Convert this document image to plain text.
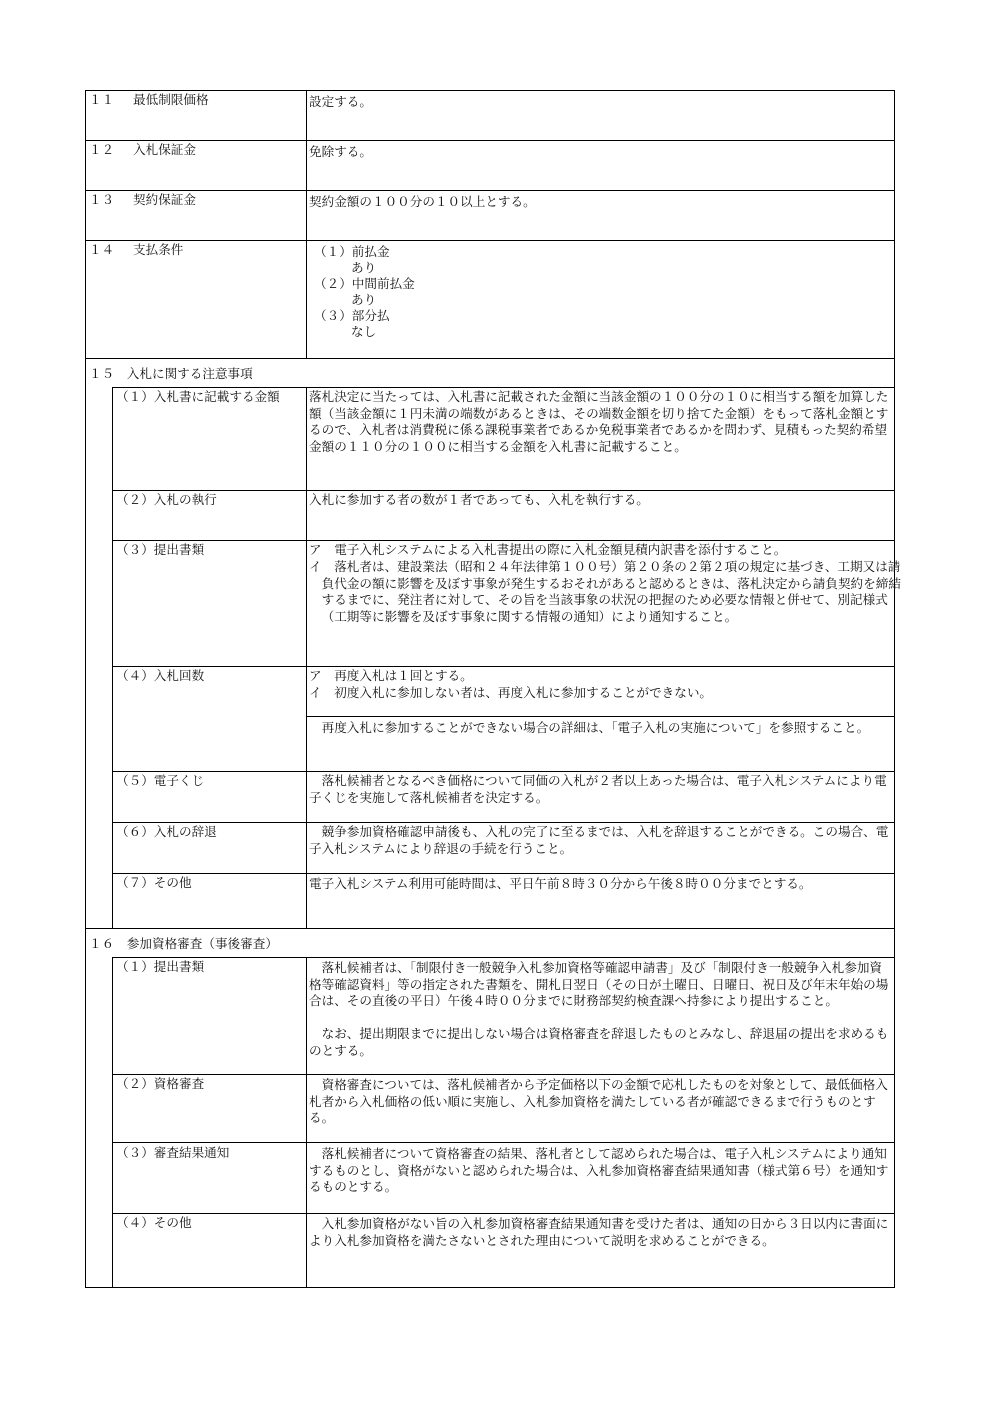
１１ 最低制限価格	設定する。
１２ 入札保証金	免除する。
１３ 契約保証金	契約金額の１００分の１０以上とする。
１４ 支払条件	（１）前払金
あり
（２）中間前払金
あり
（３）部分払
なし
１５　入札に関する注意事項
（１）入札書に記載する金額	落札決定に当たっては、入札書に記載された金額に当該金額の１００分の１０に相当する額を加算した額（当該金額に１円未満の端数があるときは、その端数金額を切り捨てた金額）をもって落札金額とするので、入札者は消費税に係る課税事業者であるか免税事業者であるかを問わず、見積もった契約希望金額の１１０分の１００に相当する金額を入札書に記載すること。
（２）入札の執行	入札に参加する者の数が１者であっても、入札を執行する。
（３）提出書類	ア　電子入札システムによる入札書提出の際に入札金額見積内訳書を添付すること。
イ　落札者は、建設業法（昭和２４年法律第１００号）第２０条の２第２項の規定に基づき、工期又は請負代金の額に影響を及ぼす事象が発生するおそれがあると認めるときは、落札決定から請負契約を締結するまでに、発注者に対して、その旨を当該事象の状況の把握のため必要な情報と併せて、別記様式（工期等に影響を及ぼす事象に関する情報の通知）により通知すること。
（４）入札回数	ア　再度入札は１回とする。
イ　初度入札に参加しない者は、再度入札に参加することができない。
再度入札に参加することができない場合の詳細は、「電子入札の実施について」を参照すること。
（５）電子くじ	落札候補者となるべき価格について同価の入札が２者以上あった場合は、電子入札システムにより電子くじを実施して落札候補者を決定する。
（６）入札の辞退	競争参加資格確認申請後も、入札の完了に至るまでは、入札を辞退することができる。この場合、電子入札システムにより辞退の手続を行うこと。
（７）その他	電子入札システム利用可能時間は、平日午前８時３０分から午後８時００分までとする。
１６　参加資格審査（事後審査）
（１）提出書類	落札候補者は、「制限付き一般競争入札参加資格等確認申請書」及び「制限付き一般競争入札参加資格等確認資料」等の指定された書類を、開札日翌日（その日が土曜日、日曜日、祝日及び年末年始の場合は、その直後の平日）午後４時００分までに財務部契約検査課へ持参により提出すること。
なお、提出期限までに提出しない場合は資格審査を辞退したものとみなし、辞退届の提出を求めるものとする。
（２）資格審査	資格審査については、落札候補者から予定価格以下の金額で応札したものを対象として、最低価格入札者から入札価格の低い順に実施し、入札参加資格を満たしている者が確認できるまで行うものとする。
（３）審査結果通知	落札候補者について資格審査の結果、落札者として認められた場合は、電子入札システムにより通知するものとし、資格がないと認められた場合は、入札参加資格審査結果通知書（様式第６号）を通知するものとする。
（４）その他	入札参加資格がない旨の入札参加資格審査結果通知書を受けた者は、通知の日から３日以内に書面により入札参加資格を満たさないとされた理由について説明を求めることができる。
